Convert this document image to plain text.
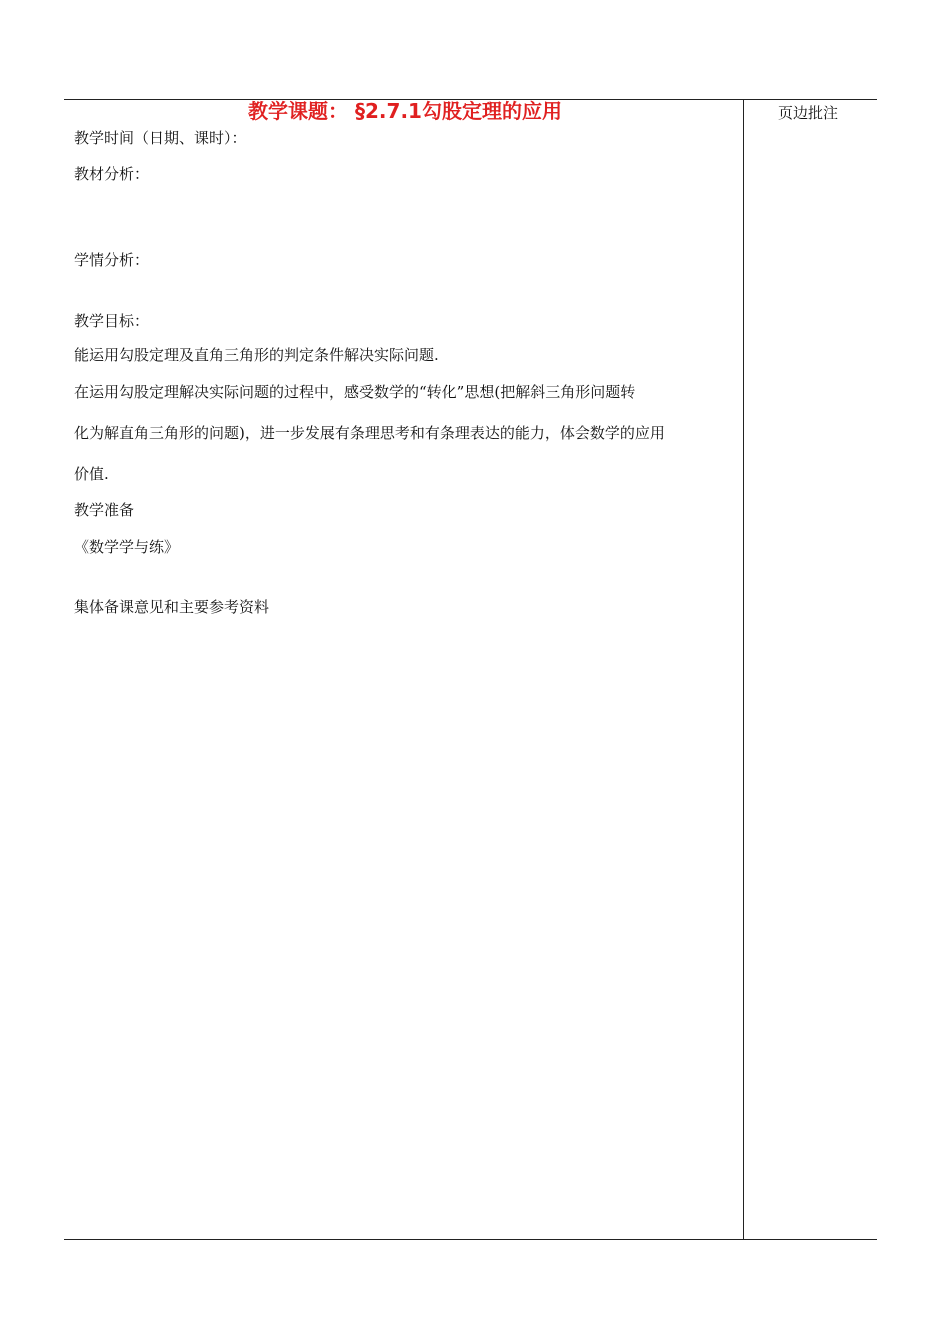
教学课题： §2.7.1勾股定理的应用	页边批注
教学时间（日期、课时）：
教材分析：
学情分析：
教学目标：
能运用勾股定理及直角三角形的判定条件解决实际问题.
在运用勾股定理解决实际问题的过程中，感受数学的“转化”思想(把解斜三角形问题转
化为解直角三角形的问题)，进一步发展有条理思考和有条理表达的能力，体会数学的应用
价值.
教学准备
《数学学与练》
集体备课意见和主要参考资料
